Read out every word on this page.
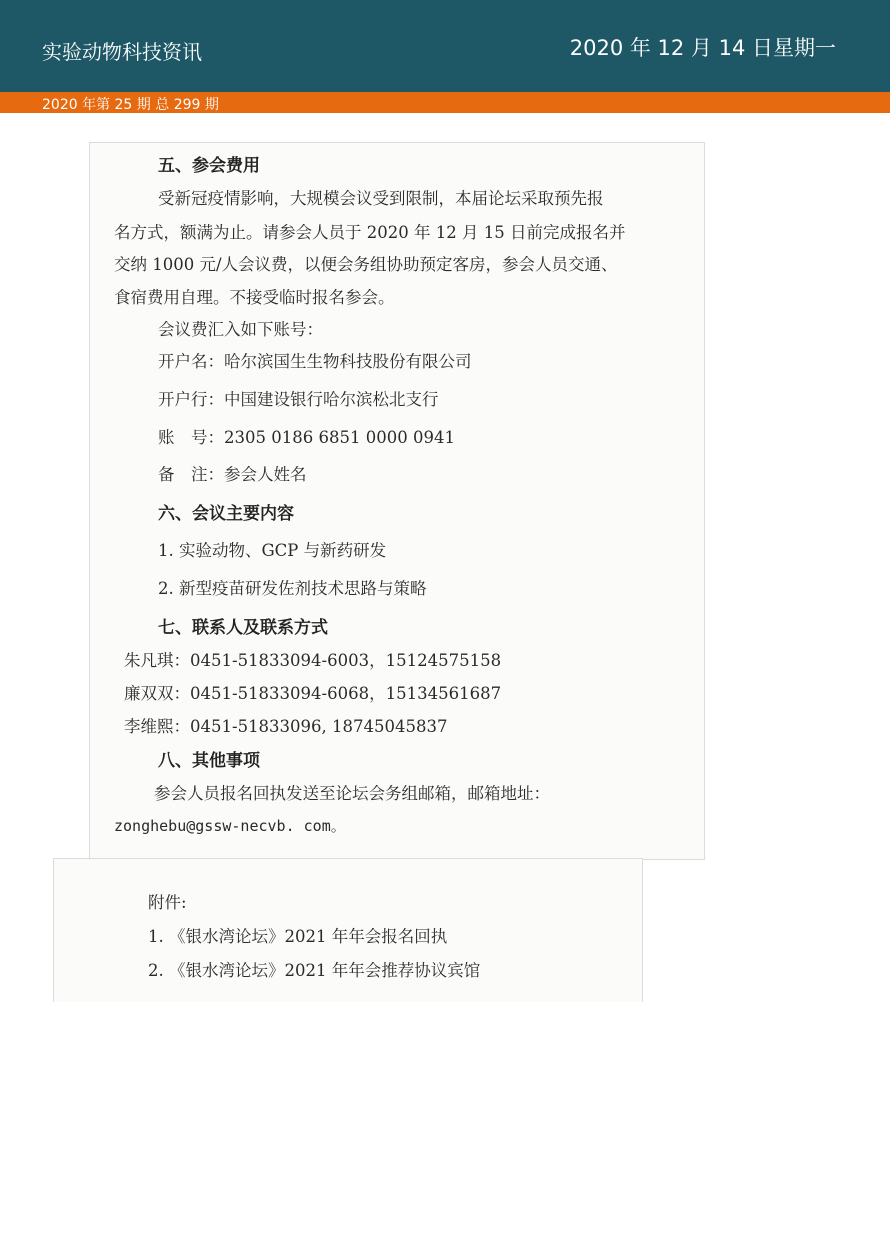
实验动物科技资讯	2020 年 12 月 14 日星期一
2020 年第 25 期 总 299 期
五、参会费用
受新冠疫情影响，大规模会议受到限制，本届论坛采取预先报
名方式，额满为止。请参会人员于 2020 年 12 月 15 日前完成报名并
交纳 1000 元/人会议费，以便会务组协助预定客房，参会人员交通、
食宿费用自理。不接受临时报名参会。
会议费汇入如下账号：
开户名：哈尔滨国生生物科技股份有限公司
开户行：中国建设银行哈尔滨松北支行
账　号：2305 0186 6851 0000 0941
备　注：参会人姓名
六、会议主要内容
1. 实验动物、GCP 与新药研发
2. 新型疫苗研发佐剂技术思路与策略
七、联系人及联系方式
朱凡琪：0451-51833094-6003，15124575158
廉双双：0451-51833094-6068，15134561687
李维熙：0451-51833096, 18745045837
八、其他事项
参会人员报名回执发送至论坛会务组邮箱，邮箱地址：
zonghebu@gssw-necvb. com。
附件:
1. 《银水湾论坛》2021 年年会报名回执
2. 《银水湾论坛》2021 年年会推荐协议宾馆
